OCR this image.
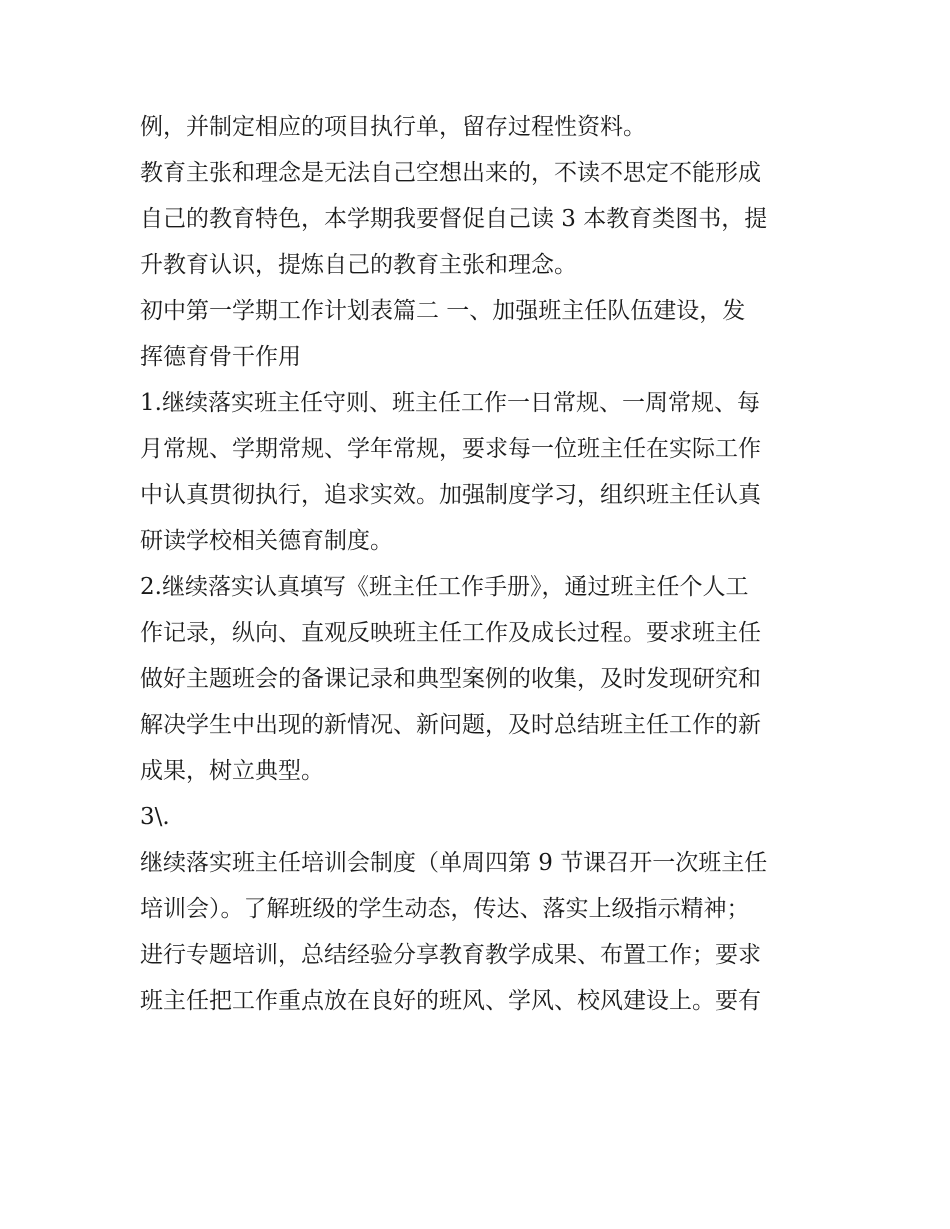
例，并制定相应的项目执行单，留存过程性资料。
教育主张和理念是无法自己空想出来的，不读不思定不能形成
自己的教育特色，本学期我要督促自己读 3 本教育类图书，提
升教育认识，提炼自己的教育主张和理念。
初中第一学期工作计划表篇二 一、加强班主任队伍建设，发
挥德育骨干作用
1.继续落实班主任守则、班主任工作一日常规、一周常规、每
月常规、学期常规、学年常规，要求每一位班主任在实际工作
中认真贯彻执行，追求实效。加强制度学习，组织班主任认真
研读学校相关德育制度。
2.继续落实认真填写《班主任工作手册》，通过班主任个人工
作记录，纵向、直观反映班主任工作及成长过程。要求班主任
做好主题班会的备课记录和典型案例的收集，及时发现研究和
解决学生中出现的新情况、新问题，及时总结班主任工作的新
成果，树立典型。
3\.
继续落实班主任培训会制度（单周四第 9 节课召开一次班主任
培训会）。了解班级的学生动态，传达、落实上级指示精神；
进行专题培训，总结经验分享教育教学成果、布置工作；要求
班主任把工作重点放在良好的班风、学风、校风建设上。要有
